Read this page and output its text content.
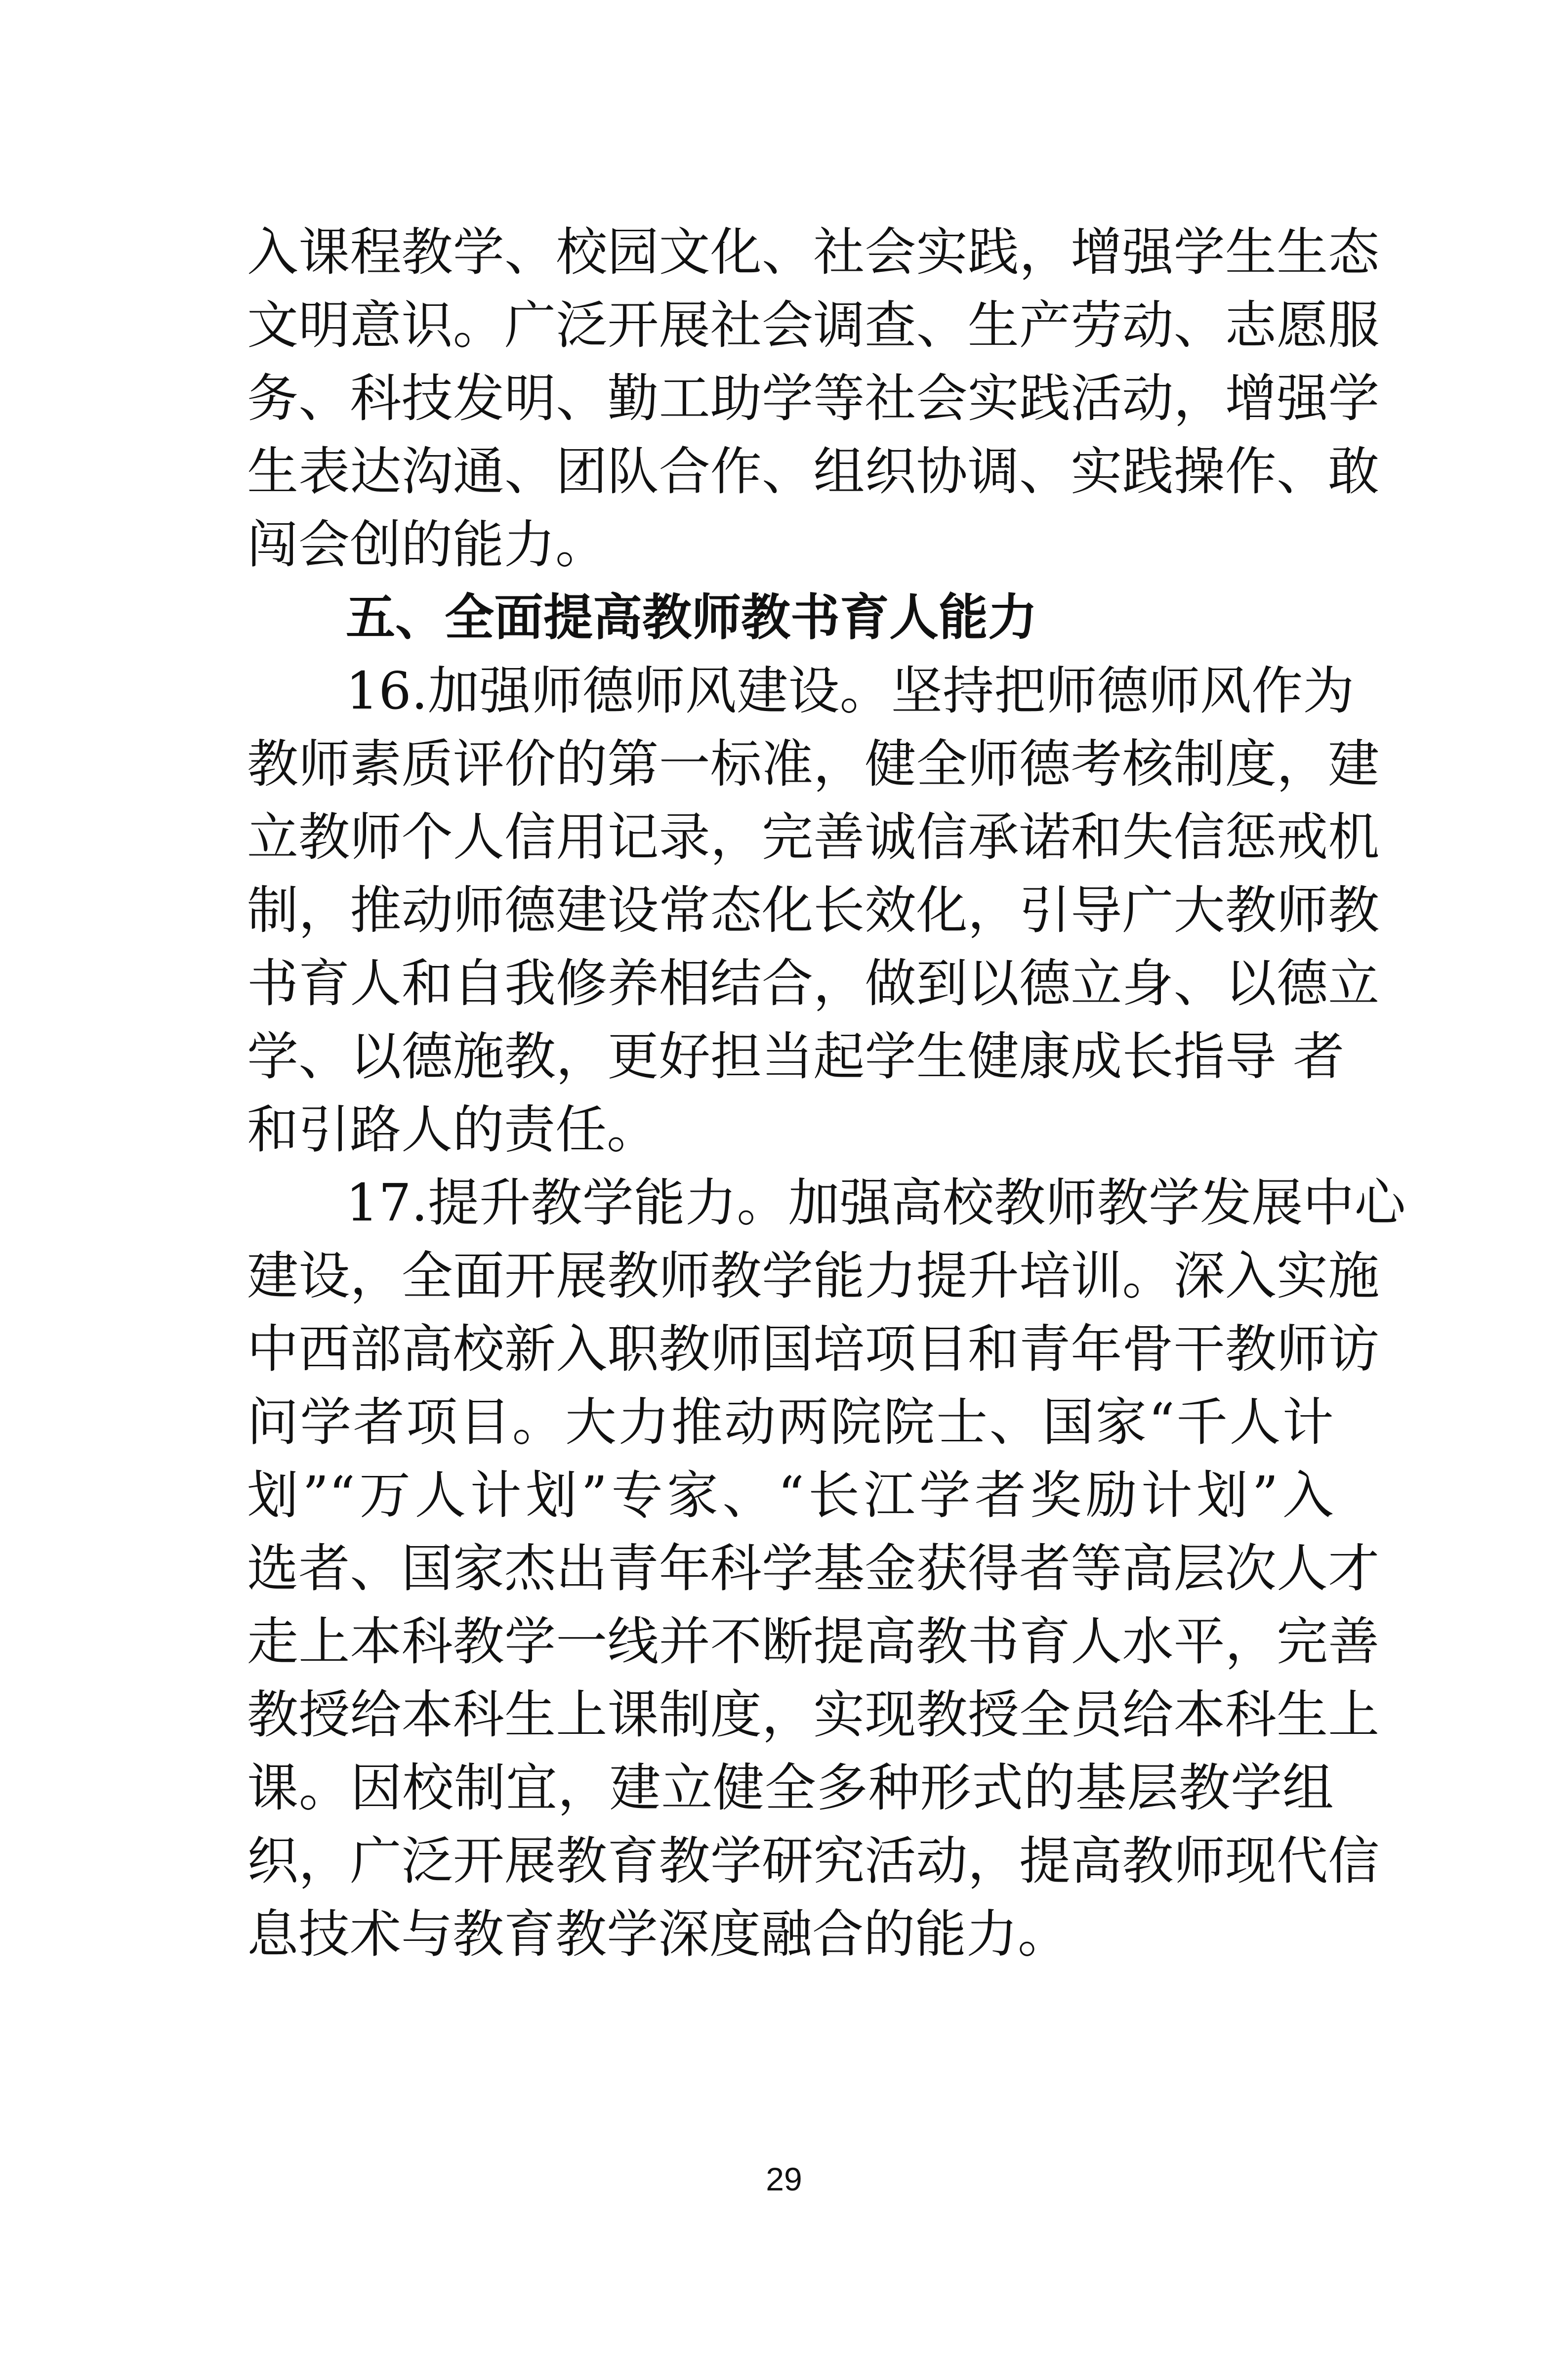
入课程教学、校园文化、社会实践，增强学生生态
文明意识。广泛开展社会调查、生产劳动、志愿服
务、科技发明、勤工助学等社会实践活动，增强学
生表达沟通、团队合作、组织协调、实践操作、敢
闯会创的能力。
五、全面提高教师教书育人能力
16.加强师德师风建设。坚持把师德师风作为
教师素质评价的第一标准，健全师德考核制度，建
立教师个人信用记录，完善诚信承诺和失信惩戒机
制，推动师德建设常态化长效化，引导广大教师教
书育人和自我修养相结合，做到以德立身、以德立
学、以德施教，更好担当起学生健康成长指导 者
和引路人的责任。
17.提升教学能力。加强高校教师教学发展中心
建设，全面开展教师教学能力提升培训。深入实施
中西部高校新入职教师国培项目和青年骨干教师访
问学者项目。大力推动两院院士、国家“千人计
划”“万人计划”专家、“长江学者奖励计划”入
选者、国家杰出青年科学基金获得者等高层次人才
走上本科教学一线并不断提高教书育人水平，完善
教授给本科生上课制度，实现教授全员给本科生上
课。因校制宜，建立健全多种形式的基层教学组
织，广泛开展教育教学研究活动，提高教师现代信
息技术与教育教学深度融合的能力。
29
